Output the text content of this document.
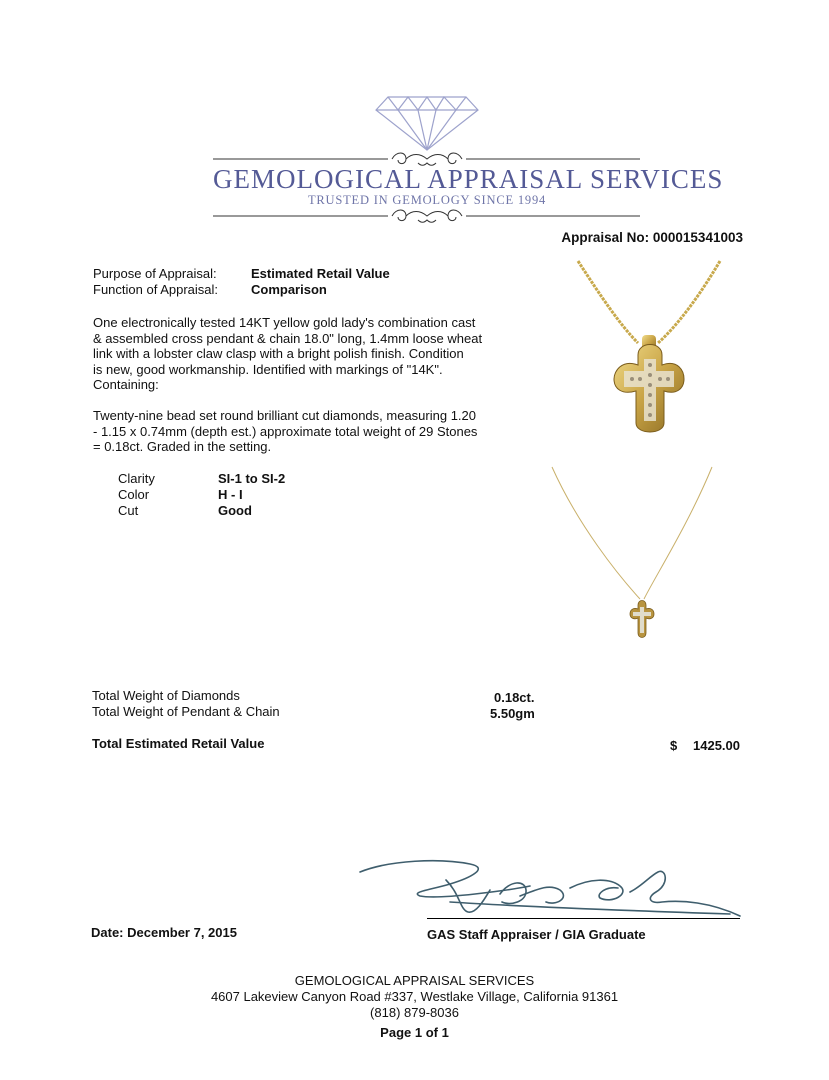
GEMOLOGICAL APPRAISAL SERVICES
TRUSTED IN GEMOLOGY SINCE 1994
Appraisal No: 000015341003
Purpose of Appraisal:	Estimated Retail Value
Function of Appraisal:	Comparison
One electronically tested 14KT yellow gold lady's combination cast
& assembled cross pendant & chain 18.0" long, 1.4mm loose wheat
link with a lobster claw clasp with a bright polish finish. Condition
is new, good workmanship. Identified with markings of "14K".
Containing:
Twenty-nine bead set round brilliant cut diamonds, measuring 1.20
- 1.15 x 0.74mm (depth est.) approximate total weight of 29 Stones
= 0.18ct. Graded in the setting.
Clarity	SI-1 to SI-2
Color	H - I
Cut	Good
Total Weight of Diamonds	0.18ct.
Total Weight of Pendant & Chain	5.50gm
Total Estimated Retail Value	$ 1425.00
Date: December 7, 2015	GAS Staff Appraiser / GIA Graduate
GEMOLOGICAL APPRAISAL SERVICES
4607 Lakeview Canyon Road #337, Westlake Village, California 91361
(818) 879-8036
Page 1 of 1
